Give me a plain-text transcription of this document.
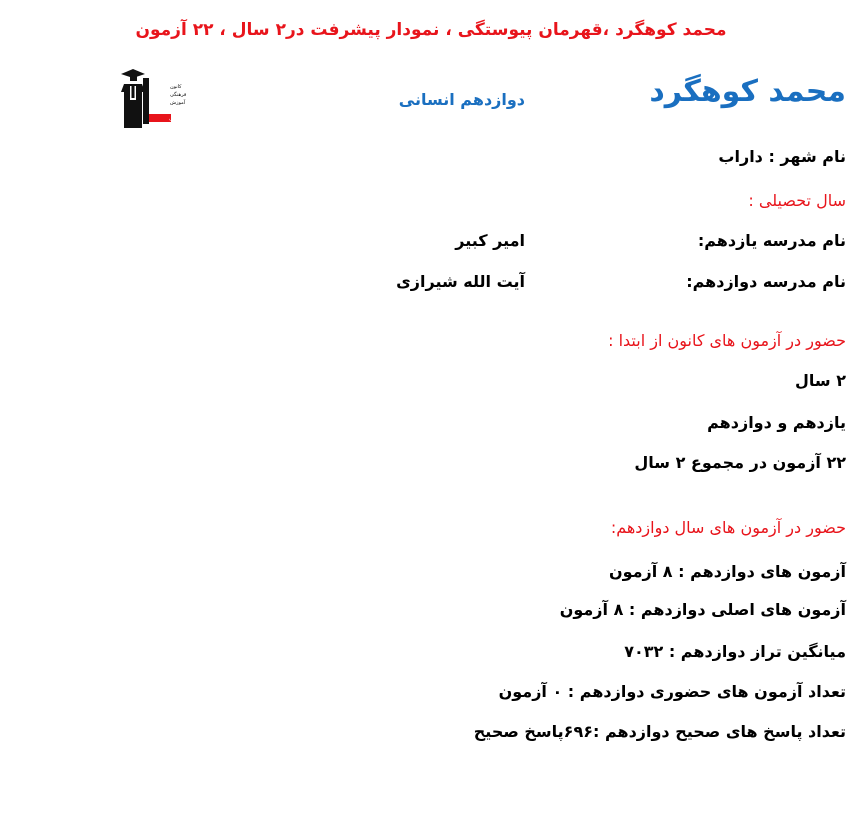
محمد کوهگرد ،قهرمان پیوستگی ، نمودار پیشرفت در۲ سال ، ۲۲ آزمون
محمد کوهگرد
دوازدهم انسانی
کانون
فرهنگی
آموزش
قلم‌چی
نام شهر : داراب
سال تحصیلی :
نام مدرسه یازدهم:
امیر کبیر
نام مدرسه دوازدهم:
آیت الله شیرازی
حضور در آزمون های کانون از ابتدا :
۲ سال
یازدهم و دوازدهم
۲۲ آزمون در مجموع ۲ سال
حضور در آزمون های سال دوازدهم:
آزمون های دوازدهم : ۸ آزمون
آزمون های اصلی دوازدهم : ۸ آزمون
میانگین تراز دوازدهم : ۷۰۳۲
تعداد آزمون های حضوری دوازدهم : ۰ آزمون
تعداد پاسخ های صحیح دوازدهم :۶۹۶پاسخ صحیح
